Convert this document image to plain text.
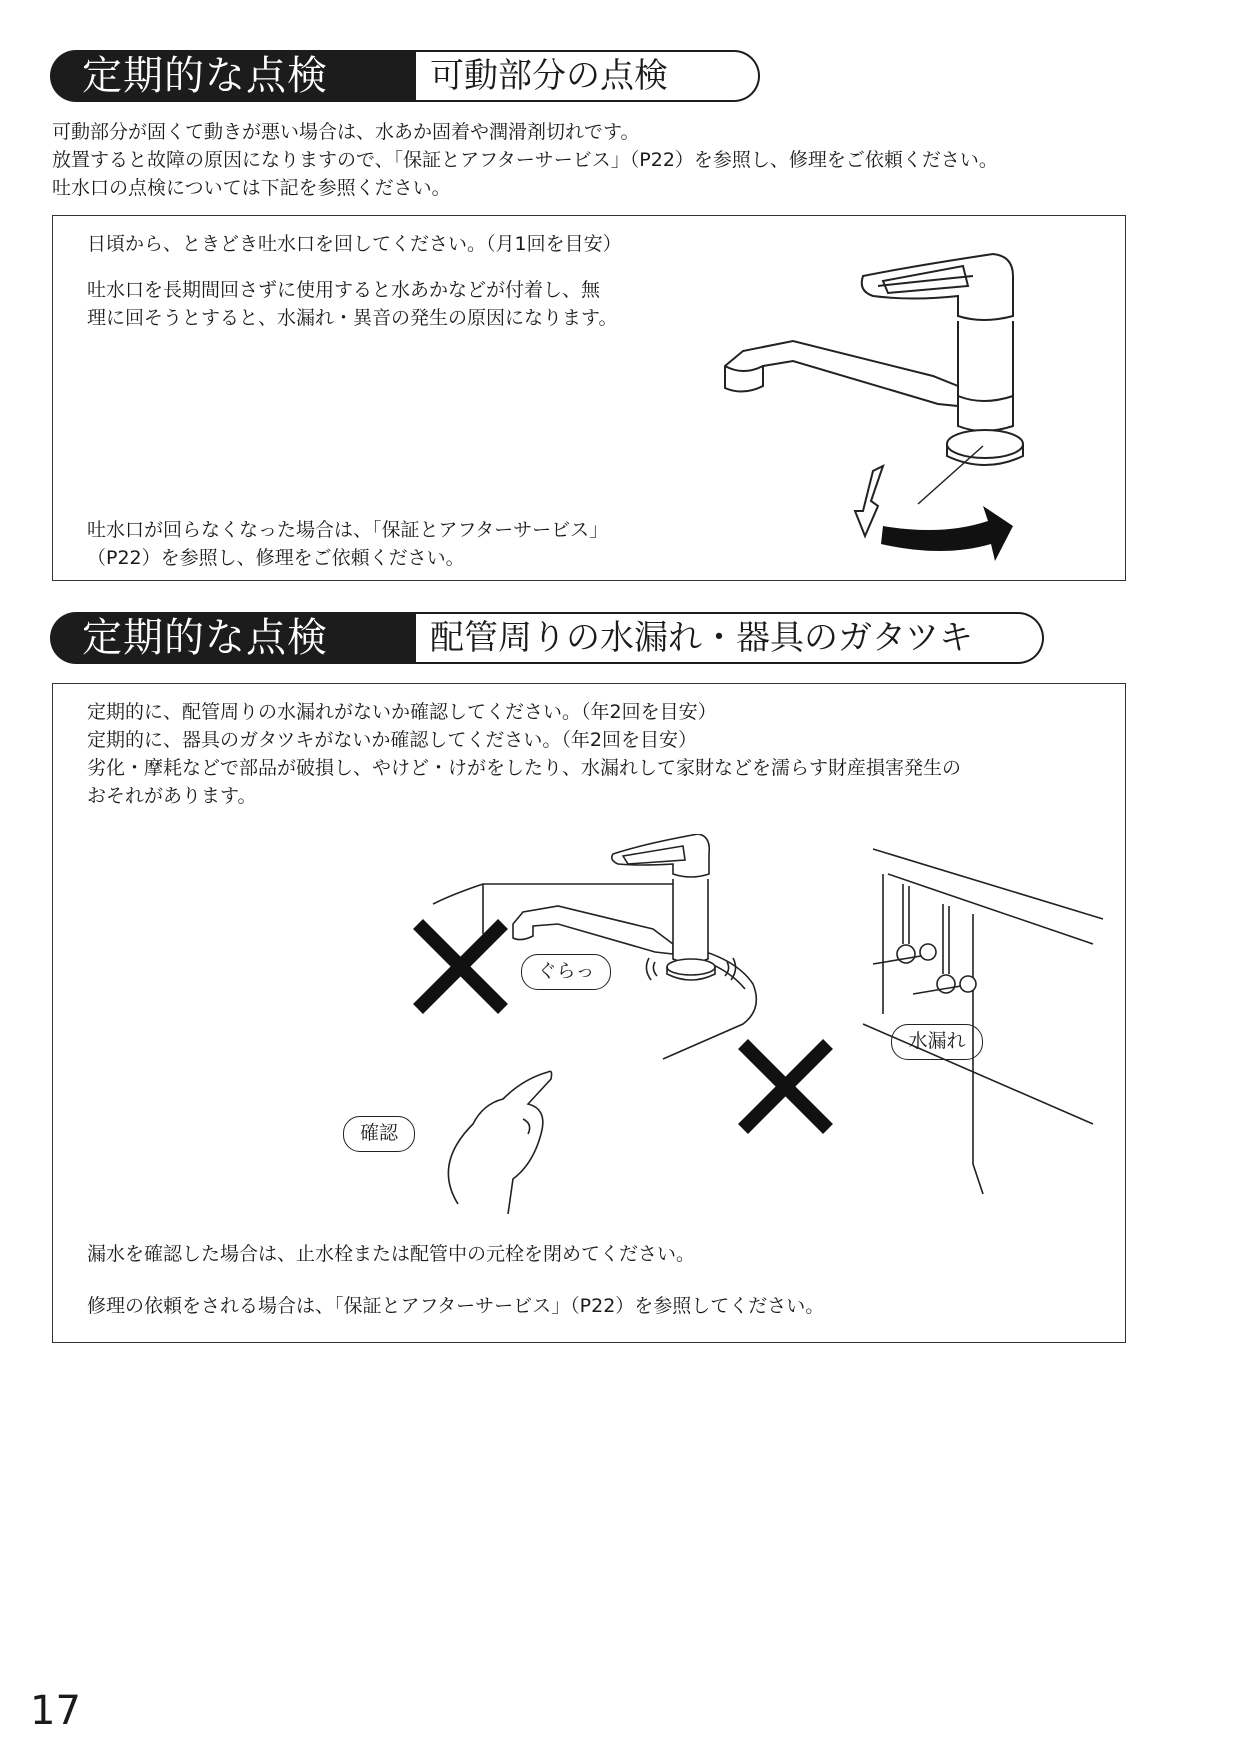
定期的な点検	可動部分の点検

可動部分が固くて動きが悪い場合は、水あか固着や潤滑剤切れです。

放置すると故障の原因になりますので、「保証とアフターサービス」（P22）を参照し、修理をご依頼ください。

吐水口の点検については下記を参照ください。

日頃から、ときどき吐水口を回してください。（月1回を目安）

吐水口を長期間回さずに使用すると水あかなどが付着し、無

理に回そうとすると、水漏れ・異音の発生の原因になります。

吐水口が回らなくなった場合は、「保証とアフターサービス」

（P22）を参照し、修理をご依頼ください。

定期的な点検	配管周りの水漏れ・器具のガタツキ

定期的に、配管周りの水漏れがないか確認してください。（年2回を目安）

定期的に、器具のガタツキがないか確認してください。（年2回を目安）

劣化・摩耗などで部品が破損し、やけど・けがをしたり、水漏れして家財などを濡らす財産損害発生の

おそれがあります。

ぐらっ
水漏れ
確認

漏水を確認した場合は、止水栓または配管中の元栓を閉めてください。

修理の依頼をされる場合は、「保証とアフターサービス」（P22）を参照してください。

17
